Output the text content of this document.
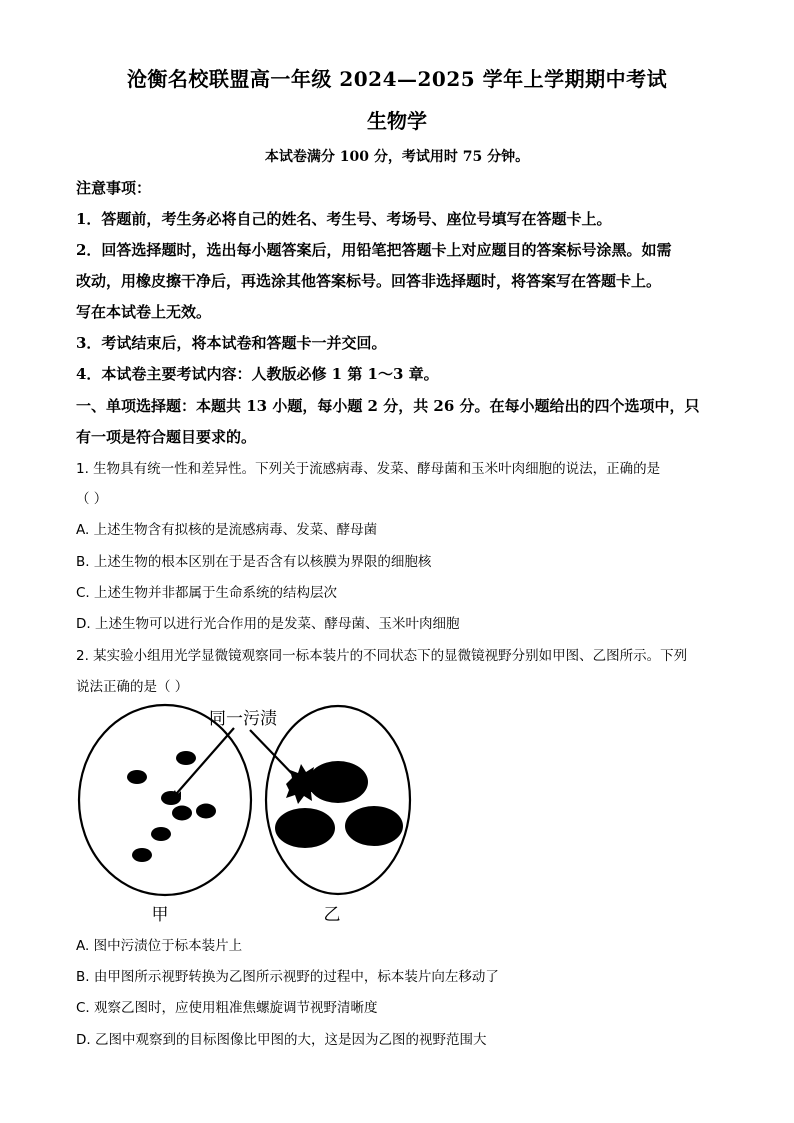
沧衡名校联盟高一年级 2024—2025 学年上学期期中考试
生物学
本试卷满分 100 分，考试用时 75 分钟。
注意事项：
1．答题前，考生务必将自己的姓名、考生号、考场号、座位号填写在答题卡上。
2．回答选择题时，选出每小题答案后，用铅笔把答题卡上对应题目的答案标号涂黑。如需
改动，用橡皮擦干净后，再选涂其他答案标号。回答非选择题时，将答案写在答题卡上。
写在本试卷上无效。
3．考试结束后，将本试卷和答题卡一并交回。
4．本试卷主要考试内容：人教版必修 1 第 1～3 章。
一、单项选择题：本题共 13 小题，每小题 2 分，共 26 分。在每小题给出的四个选项中，只
有一项是符合题目要求的。
1. 生物具有统一性和差异性。下列关于流感病毒、发菜、酵母菌和玉米叶肉细胞的说法，正确的是
（ ）
A. 上述生物含有拟核的是流感病毒、发菜、酵母菌
B. 上述生物的根本区别在于是否含有以核膜为界限的细胞核
C. 上述生物并非都属于生命系统的结构层次
D. 上述生物可以进行光合作用的是发菜、酵母菌、玉米叶肉细胞
2. 某实验小组用光学显微镜观察同一标本装片的不同状态下的显微镜视野分别如甲图、乙图所示。下列
说法正确的是（ ）
同一污渍
甲	乙
A. 图中污渍位于标本装片上
B. 由甲图所示视野转换为乙图所示视野的过程中，标本装片向左移动了
C. 观察乙图时，应使用粗准焦螺旋调节视野清晰度
D. 乙图中观察到的目标图像比甲图的大，这是因为乙图的视野范围大
